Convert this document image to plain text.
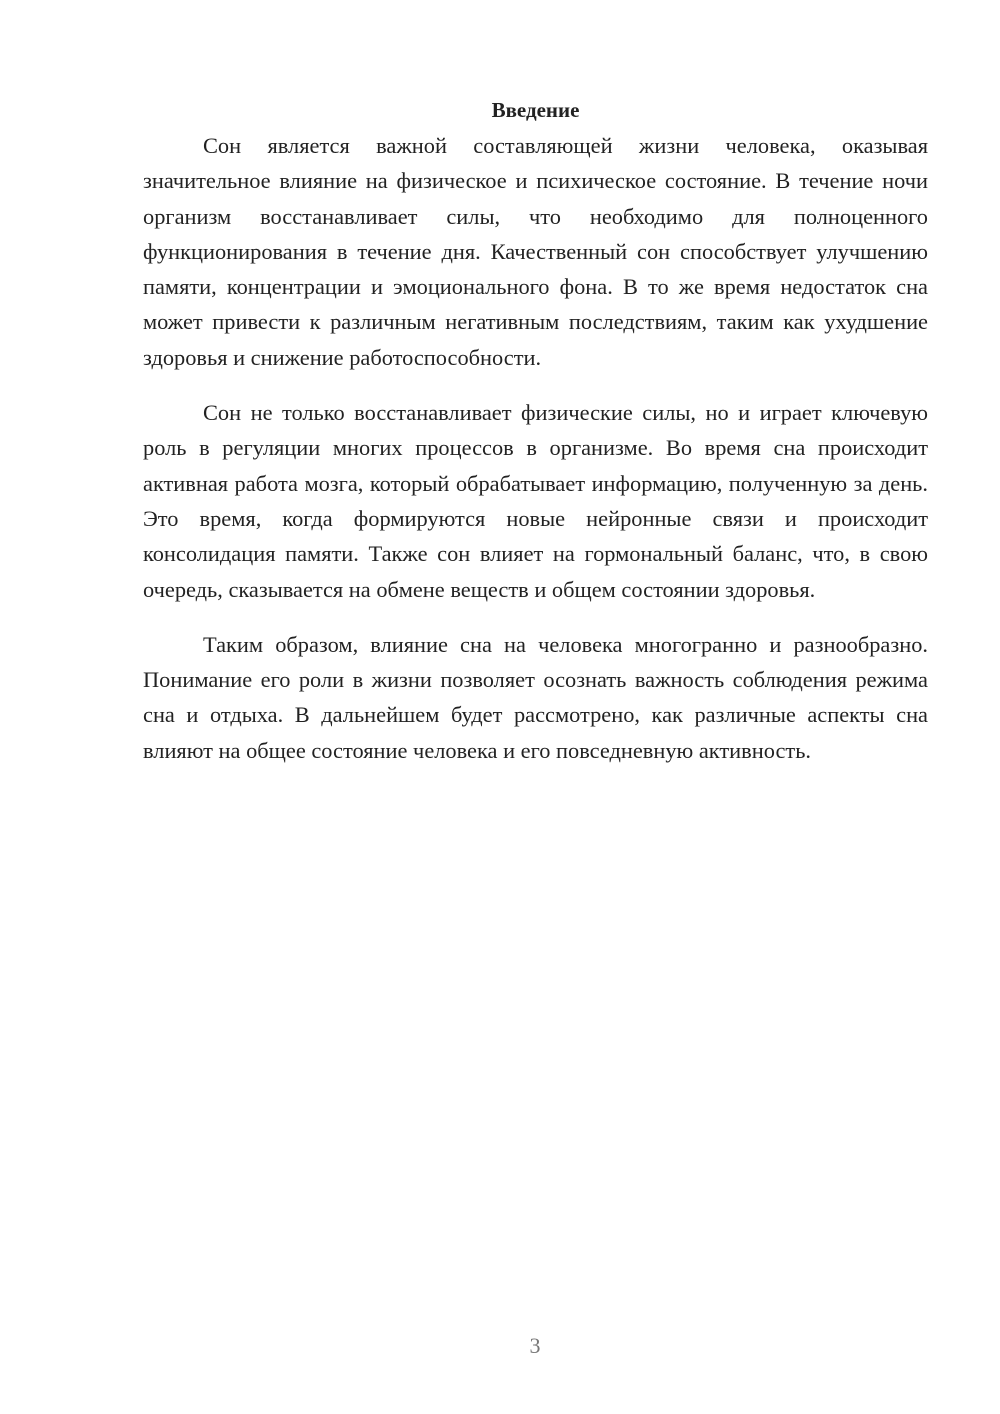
Введение

Сон является важной составляющей жизни человека, оказывая значительное влияние на физическое и психическое состояние. В течение ночи организм восстанавливает силы, что необходимо для полноценного функционирования в течение дня. Качественный сон способствует улучшению памяти, концентрации и эмоционального фона. В то же время недостаток сна может привести к различным негативным последствиям, таким как ухудшение здоровья и снижение работоспособности.

Сон не только восстанавливает физические силы, но и играет ключевую роль в регуляции многих процессов в организме. Во время сна происходит активная работа мозга, который обрабатывает информацию, полученную за день. Это время, когда формируются новые нейронные связи и происходит консолидация памяти. Также сон влияет на гормональный баланс, что, в свою очередь, сказывается на обмене веществ и общем состоянии здоровья.

Таким образом, влияние сна на человека многогранно и разнообразно. Понимание его роли в жизни позволяет осознать важность соблюдения режима сна и отдыха. В дальнейшем будет рассмотрено, как различные аспекты сна влияют на общее состояние человека и его повседневную активность.

3
